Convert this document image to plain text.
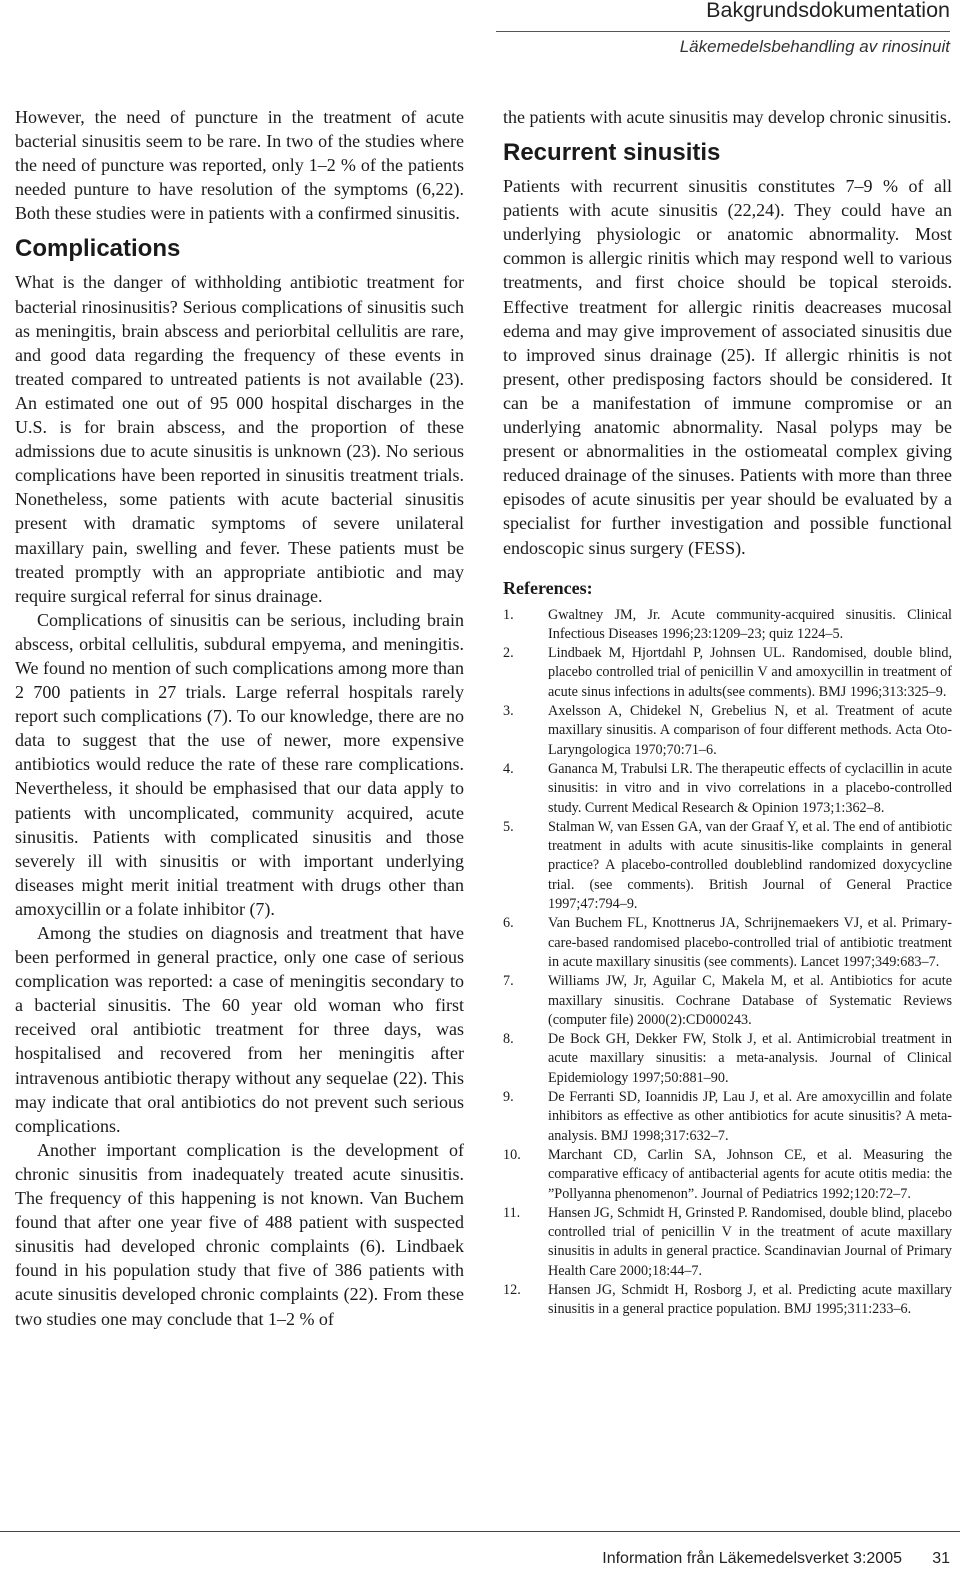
Bakgrundsdokumentation
Läkemedelsbehandling av rinosinuit

However, the need of puncture in the treatment of acute bacterial sinusitis seem to be rare. In two of the studies where the need of puncture was reported, only 1–2 % of the patients needed punture to have resolution of the symptoms (6,22). Both these studies were in patients with a confirmed sinusitis.

Complications

What is the danger of withholding antibiotic treatment for bacterial rinosinusitis? Serious complications of sinusitis such as meningitis, brain abscess and periorbital cellulitis are rare, and good data regarding the frequency of these events in treated compared to untreated patients is not available (23). An estimated one out of 95 000 hospital discharges in the U.S. is for brain abscess, and the proportion of these admissions due to acute sinusitis is unknown (23). No serious complications have been reported in sinusitis treatment trials. Nonetheless, some patients with acute bacterial sinusitis present with dramatic symptoms of severe unilateral maxillary pain, swelling and fever. These patients must be treated promptly with an appropriate antibiotic and may require surgical referral for sinus drainage.

Complications of sinusitis can be serious, including brain abscess, orbital cellulitis, subdural empyema, and meningitis. We found no mention of such complications among more than 2 700 patients in 27 trials. Large referral hospitals rarely report such complications (7). To our knowledge, there are no data to suggest that the use of newer, more expensive antibiotics would reduce the rate of these rare complications. Nevertheless, it should be emphasised that our data apply to patients with uncomplicated, community acquired, acute sinusitis. Patients with complicated sinusitis and those severely ill with sinusitis or with important underlying diseases might merit initial treatment with drugs other than amoxycillin or a folate inhibitor (7).

Among the studies on diagnosis and treatment that have been performed in general practice, only one case of serious complication was reported: a case of meningitis secondary to a bacterial sinusitis. The 60 year old woman who first received oral antibiotic treatment for three days, was hospitalised and recovered from her meningitis after intravenous antibiotic therapy without any sequelae (22). This may indicate that oral antibiotics do not prevent such serious complications.

Another important complication is the development of chronic sinusitis from inadequately treated acute sinusitis. The frequency of this happening is not known. Van Buchem found that after one year five of 488 patient with suspected sinusitis had developed chronic complaints (6). Lindbaek found in his population study that five of 386 patients with acute sinusitis developed chronic complaints (22). From these two studies one may conclude that 1–2 % of

the patients with acute sinusitis may develop chronic sinusitis.

Recurrent sinusitis

Patients with recurrent sinusitis constitutes 7–9 % of all patients with acute sinusitis (22,24). They could have an underlying physiologic or anatomic abnormality. Most common is allergic rinitis which may respond well to various treatments, and first choice should be topical steroids. Effective treatment for allergic rinitis deacreases mucosal edema and may give improvement of associated sinusitis due to improved sinus drainage (25). If allergic rhinitis is not present, other predisposing factors should be considered. It can be a manifestation of immune compromise or an underlying anatomic abnormality. Nasal polyps may be present or abnormalities in the ostiomeatal complex giving reduced drainage of the sinuses. Patients with more than three episodes of acute sinusitis per year should be evaluated by a specialist for further investigation and possible functional endoscopic sinus surgery (FESS).

References:
1. Gwaltney JM, Jr. Acute community-acquired sinusitis. Clinical Infectious Diseases 1996;23:1209–23; quiz 1224–5.
2. Lindbaek M, Hjortdahl P, Johnsen UL. Randomised, double blind, placebo controlled trial of penicillin V and amoxycillin in treatment of acute sinus infections in adults(see comments). BMJ 1996;313:325–9.
3. Axelsson A, Chidekel N, Grebelius N, et al. Treatment of acute maxillary sinusitis. A comparison of four different methods. Acta Oto-Laryngologica 1970;70:71–6.
4. Gananca M, Trabulsi LR. The therapeutic effects of cyclacillin in acute sinusitis: in vitro and in vivo correlations in a placebo-controlled study. Current Medical Research & Opinion 1973;1:362–8.
5. Stalman W, van Essen GA, van der Graaf Y, et al. The end of antibiotic treatment in adults with acute sinusitis-like complaints in general practice? A placebo-controlled doubleblind randomized doxycycline trial. (see comments). British Journal of General Practice 1997;47:794–9.
6. Van Buchem FL, Knottnerus JA, Schrijnemaekers VJ, et al. Primary-care-based randomised placebo-controlled trial of antibiotic treatment in acute maxillary sinusitis (see comments). Lancet 1997;349:683–7.
7. Williams JW, Jr, Aguilar C, Makela M, et al. Antibiotics for acute maxillary sinusitis. Cochrane Database of Systematic Reviews (computer file) 2000(2):CD000243.
8. De Bock GH, Dekker FW, Stolk J, et al. Antimicrobial treatment in acute maxillary sinusitis: a meta-analysis. Journal of Clinical Epidemiology 1997;50:881–90.
9. De Ferranti SD, Ioannidis JP, Lau J, et al. Are amoxycillin and folate inhibitors as effective as other antibiotics for acute sinusitis? A meta-analysis. BMJ 1998;317:632–7.
10. Marchant CD, Carlin SA, Johnson CE, et al. Measuring the comparative efficacy of antibacterial agents for acute otitis media: the ”Pollyanna phenomenon”. Journal of Pediatrics 1992;120:72–7.
11. Hansen JG, Schmidt H, Grinsted P. Randomised, double blind, placebo controlled trial of penicillin V in the treatment of acute maxillary sinusitis in adults in general practice. Scandinavian Journal of Primary Health Care 2000;18:44–7.
12. Hansen JG, Schmidt H, Rosborg J, et al. Predicting acute maxillary sinusitis in a general practice population. BMJ 1995;311:233–6.
Information från Läkemedelsverket 3:2005 31
